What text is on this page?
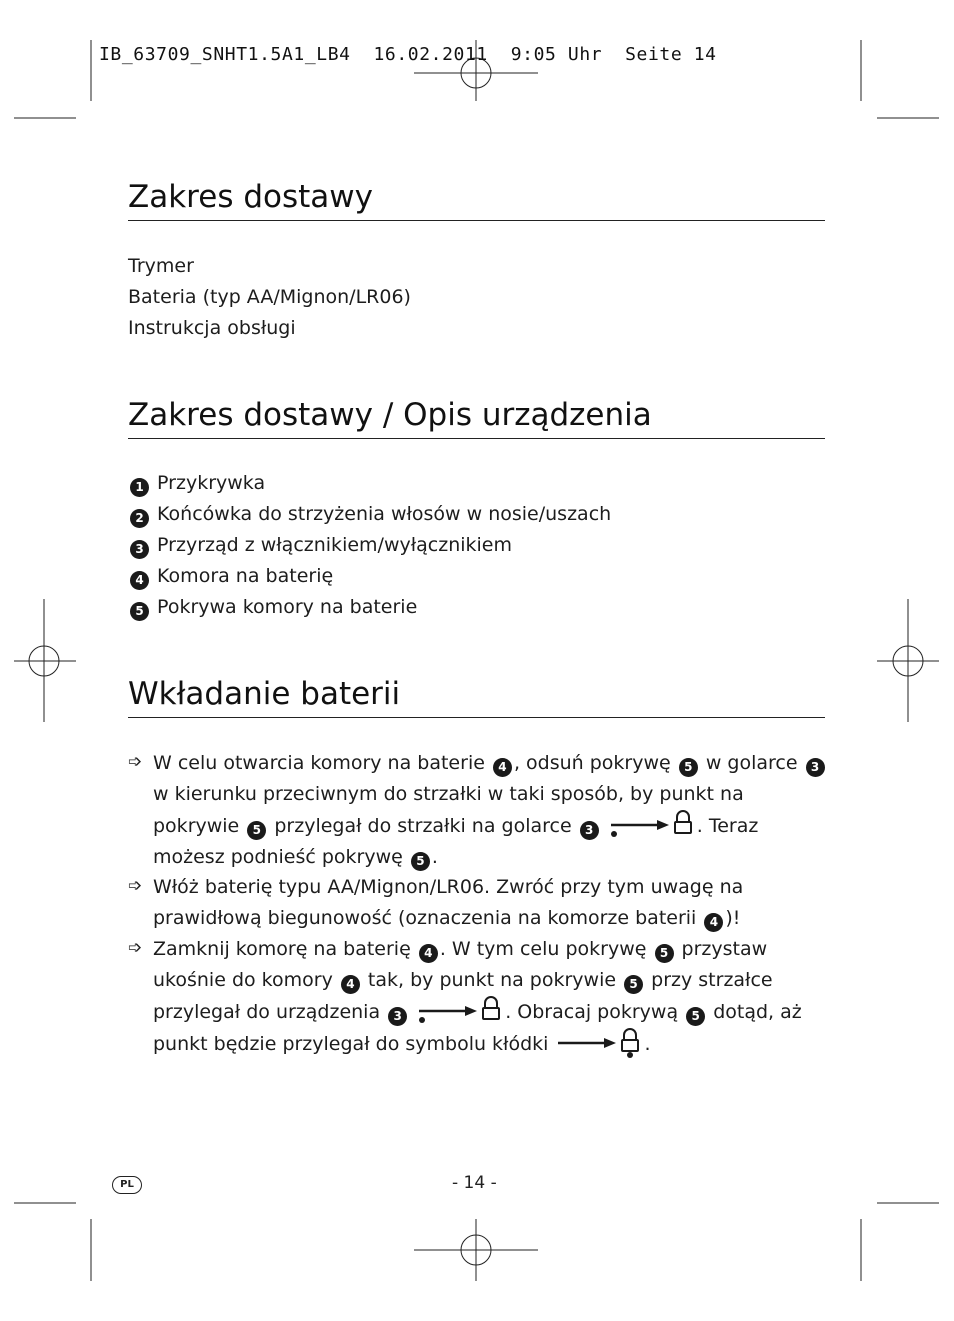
IB_63709_SNHT1.5A1_LB4  16.02.2011  9:05 Uhr  Seite 14
Zakres dostawy
Trymer
Bateria (typ AA/Mignon/LR06)
Instrukcja obsługi
Zakres dostawy / Opis urządzenia
1 Przykrywka
2 Końcówka do strzyżenia włosów w nosie/uszach
3 Przyrząd z włącznikiem/wyłącznikiem
4 Komora na baterię
5 Pokrywa komory na baterie
Wkładanie baterii
➩ W celu otwarcia komory na baterie 4 , odsuń pokrywę 5 w golarce 3 w kierunku przeciwnym do strzałki w taki sposób, by punkt na pokrywie 5 przylegał do strzałki na golarce 3	. Teraz możesz podnieść pokrywę 5 .
➩ Włóż baterię typu AA/Mignon/LR06. Zwróć przy tym uwagę na prawidłową biegunowość (oznaczenia na komorze baterii 4 )!
➩ Zamknij komorę na baterię 4 . W tym celu pokrywę 5 przystaw ukośnie do komory 4 tak, by punkt na pokrywie 5 przy strzałce przylegał do urządzenia 3	. Obracaj pokrywą 5 dotąd, aż punkt będzie przylegał do symbolu kłódki	.
PL	- 14 -
